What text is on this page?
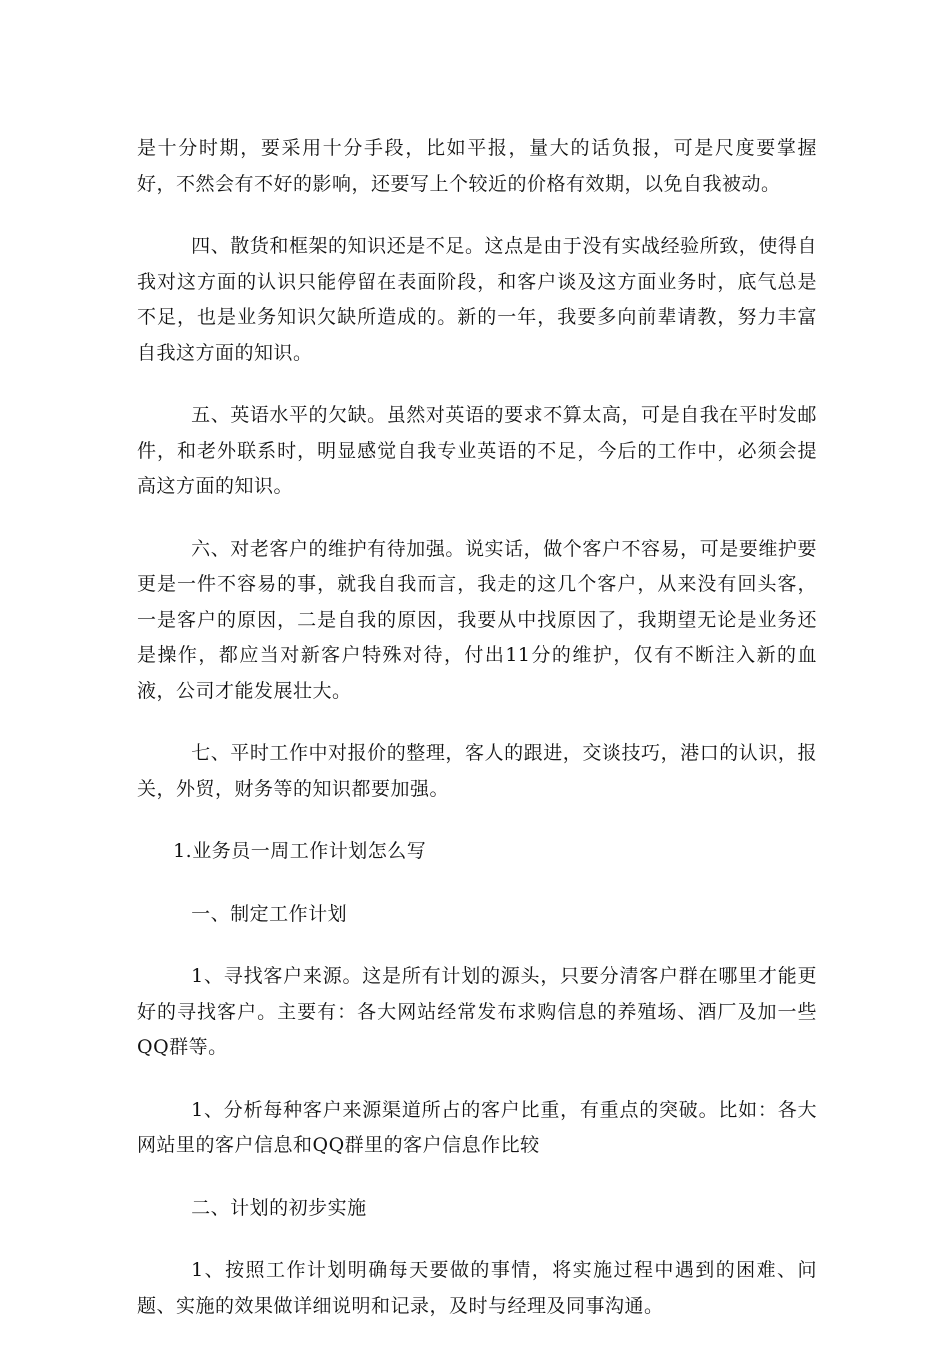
是十分时期，要采用十分手段，比如平报，量大的话负报，可是尺度要掌握好，不然会有不好的影响，还要写上个较近的价格有效期，以免自我被动。

四、散货和框架的知识还是不足。这点是由于没有实战经验所致，使得自我对这方面的认识只能停留在表面阶段，和客户谈及这方面业务时，底气总是不足，也是业务知识欠缺所造成的。新的一年，我要多向前辈请教，努力丰富自我这方面的知识。

五、英语水平的欠缺。虽然对英语的要求不算太高，可是自我在平时发邮件，和老外联系时，明显感觉自我专业英语的不足，今后的工作中，必须会提高这方面的知识。

六、对老客户的维护有待加强。说实话，做个客户不容易，可是要维护要更是一件不容易的事，就我自我而言，我走的这几个客户，从来没有回头客，一是客户的原因，二是自我的原因，我要从中找原因了，我期望无论是业务还是操作，都应当对新客户特殊对待，付出11分的维护，仅有不断注入新的血液，公司才能发展壮大。

七、平时工作中对报价的整理，客人的跟进，交谈技巧，港口的认识，报关，外贸，财务等的知识都要加强。

1.业务员一周工作计划怎么写

一、制定工作计划

1、寻找客户来源。这是所有计划的源头，只要分清客户群在哪里才能更好的寻找客户。主要有：各大网站经常发布求购信息的养殖场、酒厂及加一些QQ群等。

1、分析每种客户来源渠道所占的客户比重，有重点的突破。比如：各大网站里的客户信息和QQ群里的客户信息作比较

二、计划的初步实施

1、按照工作计划明确每天要做的事情，将实施过程中遇到的困难、问题、实施的效果做详细说明和记录，及时与经理及同事沟通。
